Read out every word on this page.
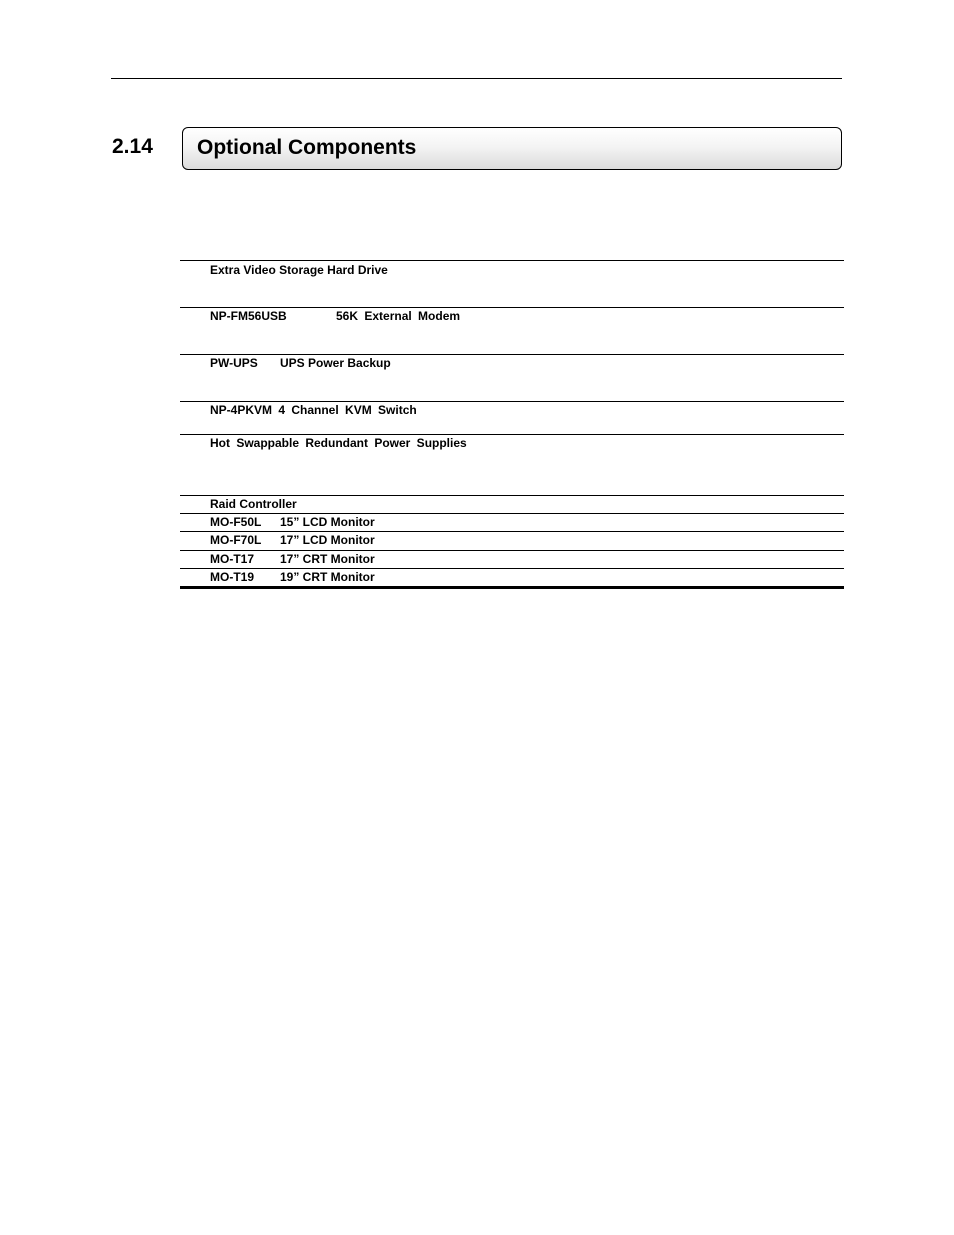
2.14 Optional Components
Extra Video Storage Hard Drive
NP-FM56USB	56K External Modem
PW-UPS UPS Power Backup
NP-4PKVM 4 Channel KVM Switch
Hot Swappable Redundant Power Supplies
Raid Controller
MO-F50L 15” LCD Monitor
MO-F70L 17” LCD Monitor
MO-T17 17” CRT Monitor
MO-T19 19” CRT Monitor
